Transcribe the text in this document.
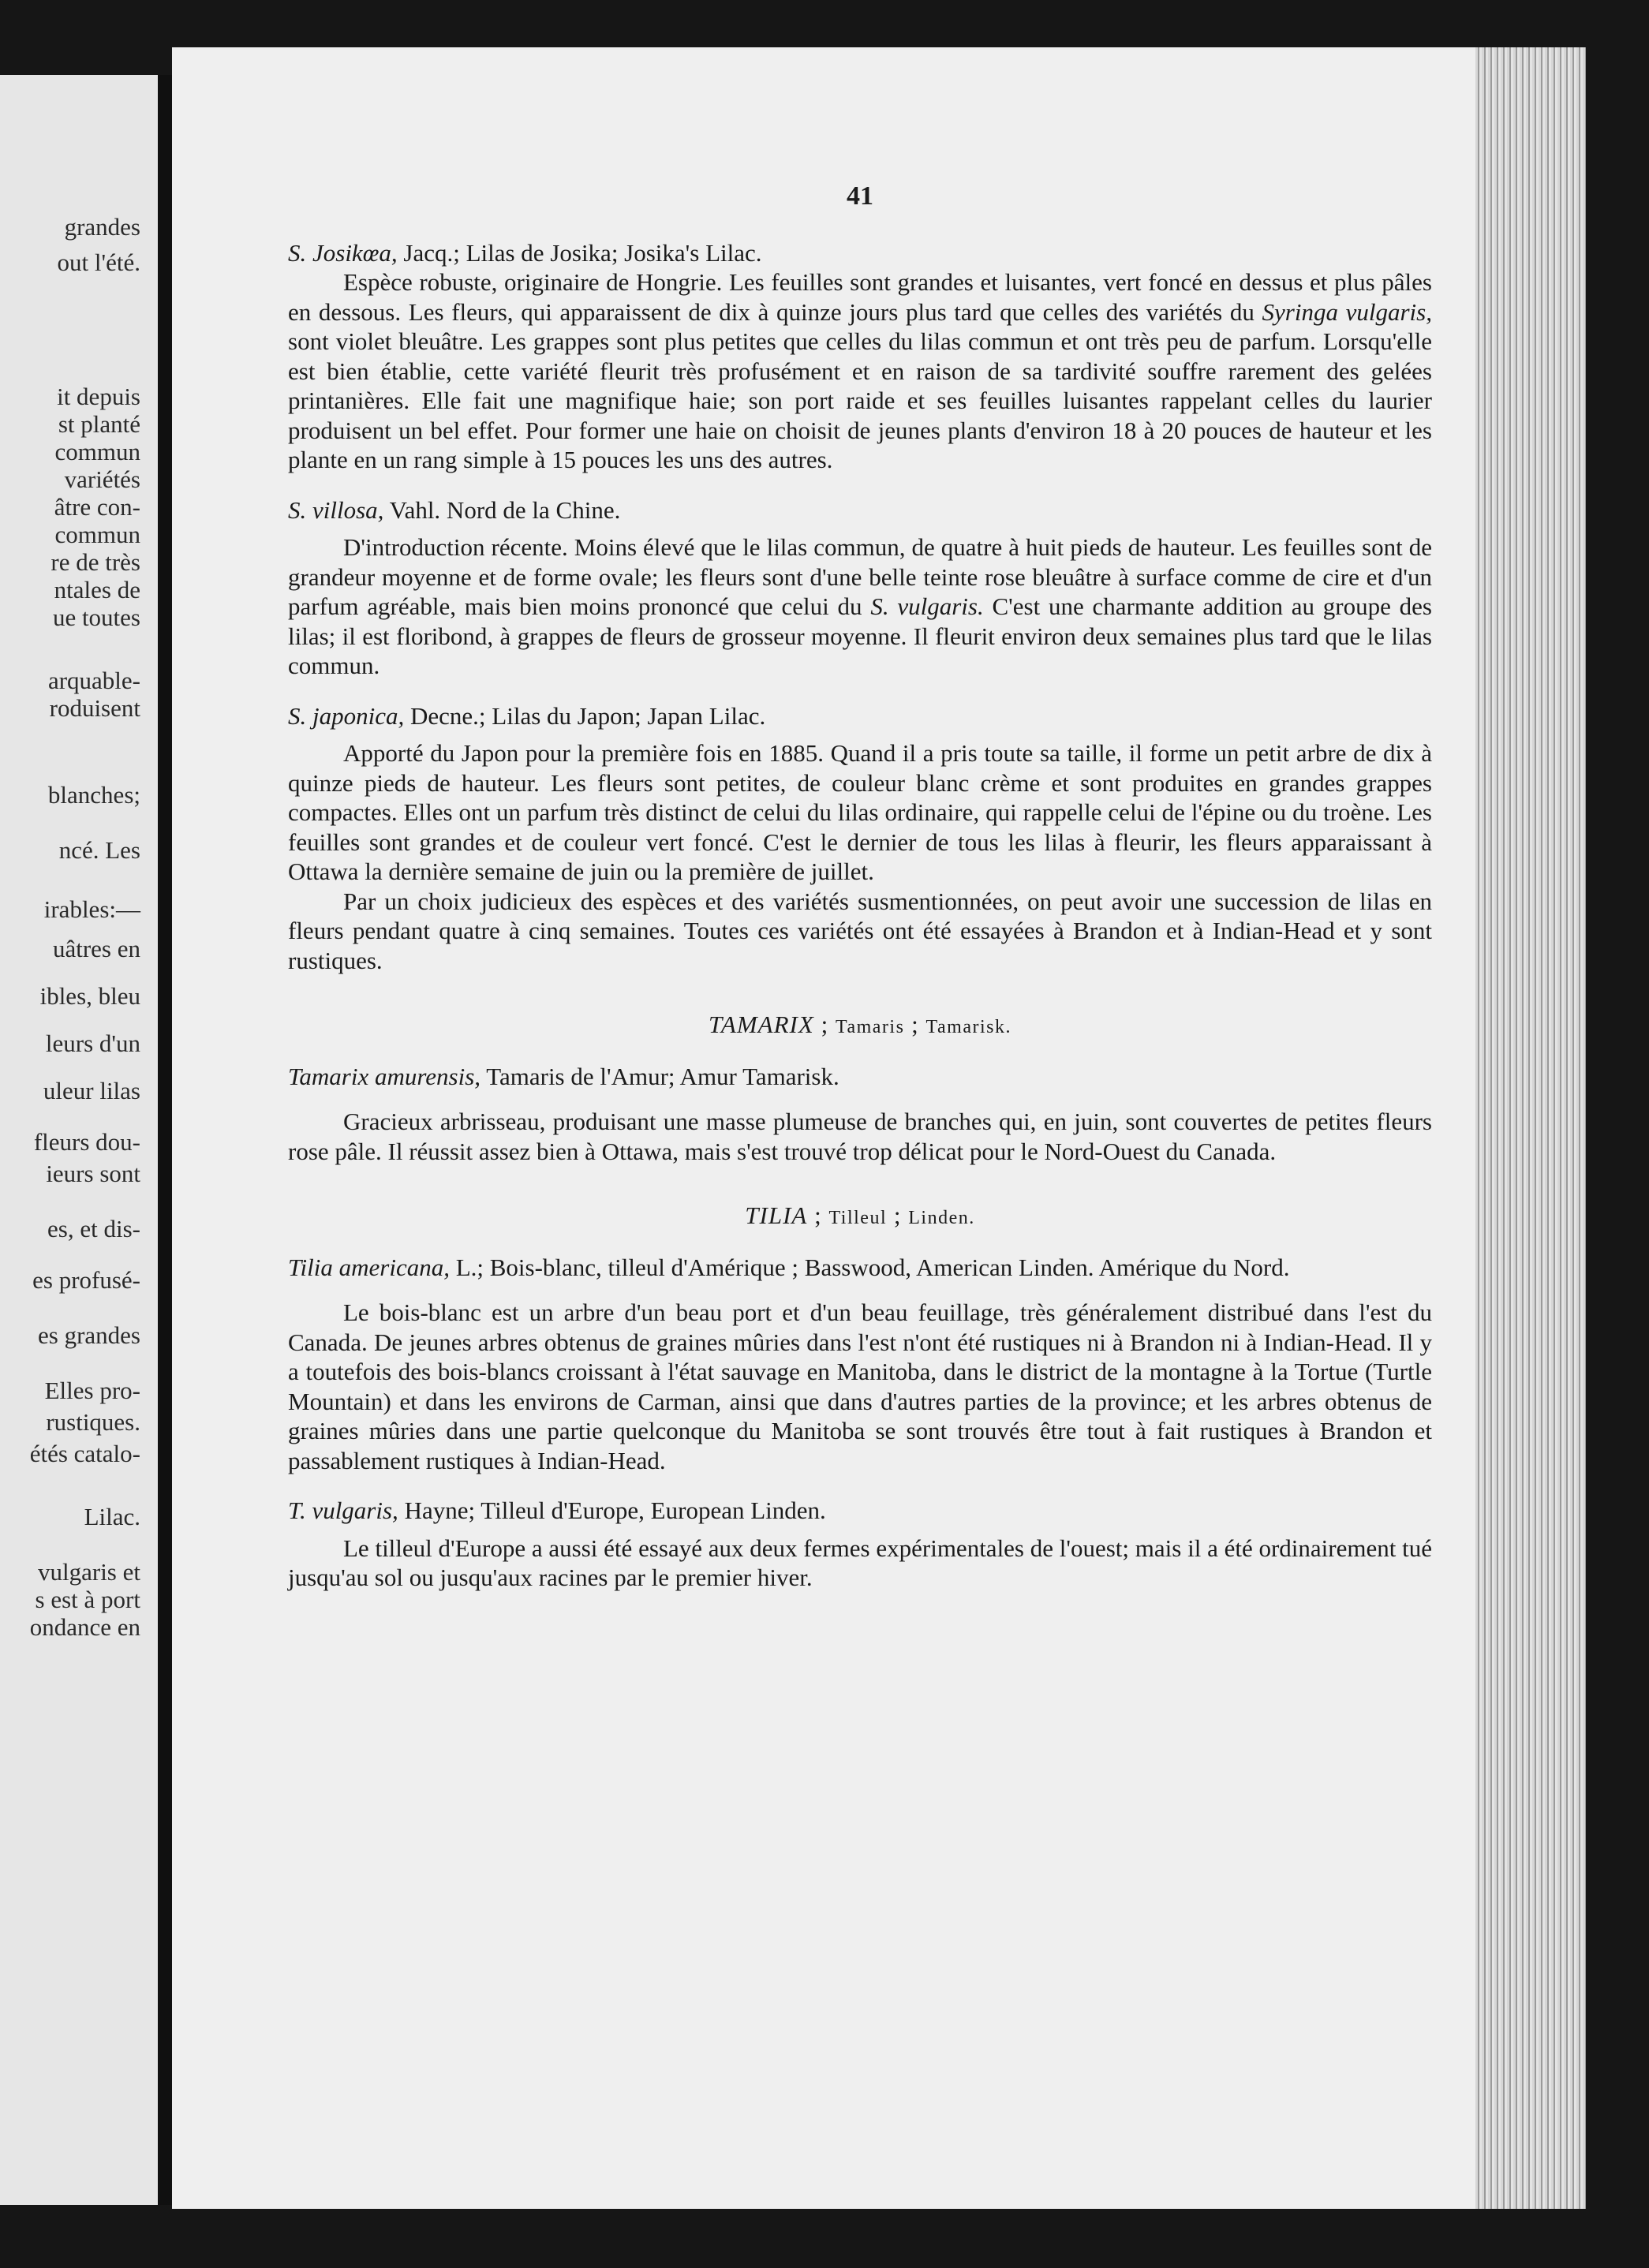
grandes
out l'été.
it depuis
st planté
commun
variétés
âtre con-
commun
re de très
ntales de
ue toutes
arquable-
roduisent
blanches;
ncé. Les
irables:—
uâtres en
ibles, bleu
leurs d'un
uleur lilas
fleurs dou-
ieurs sont
es, et dis-
es profusé-
es grandes
Elles pro-
rustiques.
étés catalo-
Lilac.
vulgaris et
s est à port
ondance en
41

S. Josikœa, Jacq.; Lilas de Josika; Josika's Lilac.

Espèce robuste, originaire de Hongrie. Les feuilles sont grandes et luisantes, vert foncé en dessus et plus pâles en dessous. Les fleurs, qui apparaissent de dix à quinze jours plus tard que celles des variétés du Syringa vulgaris, sont violet bleuâtre. Les grappes sont plus petites que celles du lilas commun et ont très peu de parfum. Lorsqu'elle est bien établie, cette variété fleurit très profusément et en raison de sa tardivité souffre rarement des gelées printanières. Elle fait une magnifique haie; son port raide et ses feuilles luisantes rappelant celles du laurier produisent un bel effet. Pour former une haie on choisit de jeunes plants d'environ 18 à 20 pouces de hauteur et les plante en un rang simple à 15 pouces les uns des autres.

S. villosa, Vahl. Nord de la Chine.

D'introduction récente. Moins élevé que le lilas commun, de quatre à huit pieds de hauteur. Les feuilles sont de grandeur moyenne et de forme ovale; les fleurs sont d'une belle teinte rose bleuâtre à surface comme de cire et d'un parfum agréable, mais bien moins prononcé que celui du S. vulgaris. C'est une charmante addition au groupe des lilas; il est floribond, à grappes de fleurs de grosseur moyenne. Il fleurit environ deux semaines plus tard que le lilas commun.

S. japonica, Decne.; Lilas du Japon; Japan Lilac.

Apporté du Japon pour la première fois en 1885. Quand il a pris toute sa taille, il forme un petit arbre de dix à quinze pieds de hauteur. Les fleurs sont petites, de couleur blanc crème et sont produites en grandes grappes compactes. Elles ont un parfum très distinct de celui du lilas ordinaire, qui rappelle celui de l'épine ou du troène. Les feuilles sont grandes et de couleur vert foncé. C'est le dernier de tous les lilas à fleurir, les fleurs apparaissant à Ottawa la dernière semaine de juin ou la première de juillet.

Par un choix judicieux des espèces et des variétés susmentionnées, on peut avoir une succession de lilas en fleurs pendant quatre à cinq semaines. Toutes ces variétés ont été essayées à Brandon et à Indian-Head et y sont rustiques.

TAMARIX ; Tamaris ; Tamarisk.

Tamarix amurensis, Tamaris de l'Amur; Amur Tamarisk.

Gracieux arbrisseau, produisant une masse plumeuse de branches qui, en juin, sont couvertes de petites fleurs rose pâle. Il réussit assez bien à Ottawa, mais s'est trouvé trop délicat pour le Nord-Ouest du Canada.

TILIA ; Tilleul ; Linden.

Tilia americana, L.; Bois-blanc, tilleul d'Amérique ; Basswood, American Linden. Amérique du Nord.

Le bois-blanc est un arbre d'un beau port et d'un beau feuillage, très généralement distribué dans l'est du Canada. De jeunes arbres obtenus de graines mûries dans l'est n'ont été rustiques ni à Brandon ni à Indian-Head. Il y a toutefois des bois-blancs croissant à l'état sauvage en Manitoba, dans le district de la montagne à la Tortue (Turtle Mountain) et dans les environs de Carman, ainsi que dans d'autres parties de la province; et les arbres obtenus de graines mûries dans une partie quelconque du Manitoba se sont trouvés être tout à fait rustiques à Brandon et passablement rustiques à Indian-Head.

T. vulgaris, Hayne; Tilleul d'Europe, European Linden.

Le tilleul d'Europe a aussi été essayé aux deux fermes expérimentales de l'ouest; mais il a été ordinairement tué jusqu'au sol ou jusqu'aux racines par le premier hiver.
